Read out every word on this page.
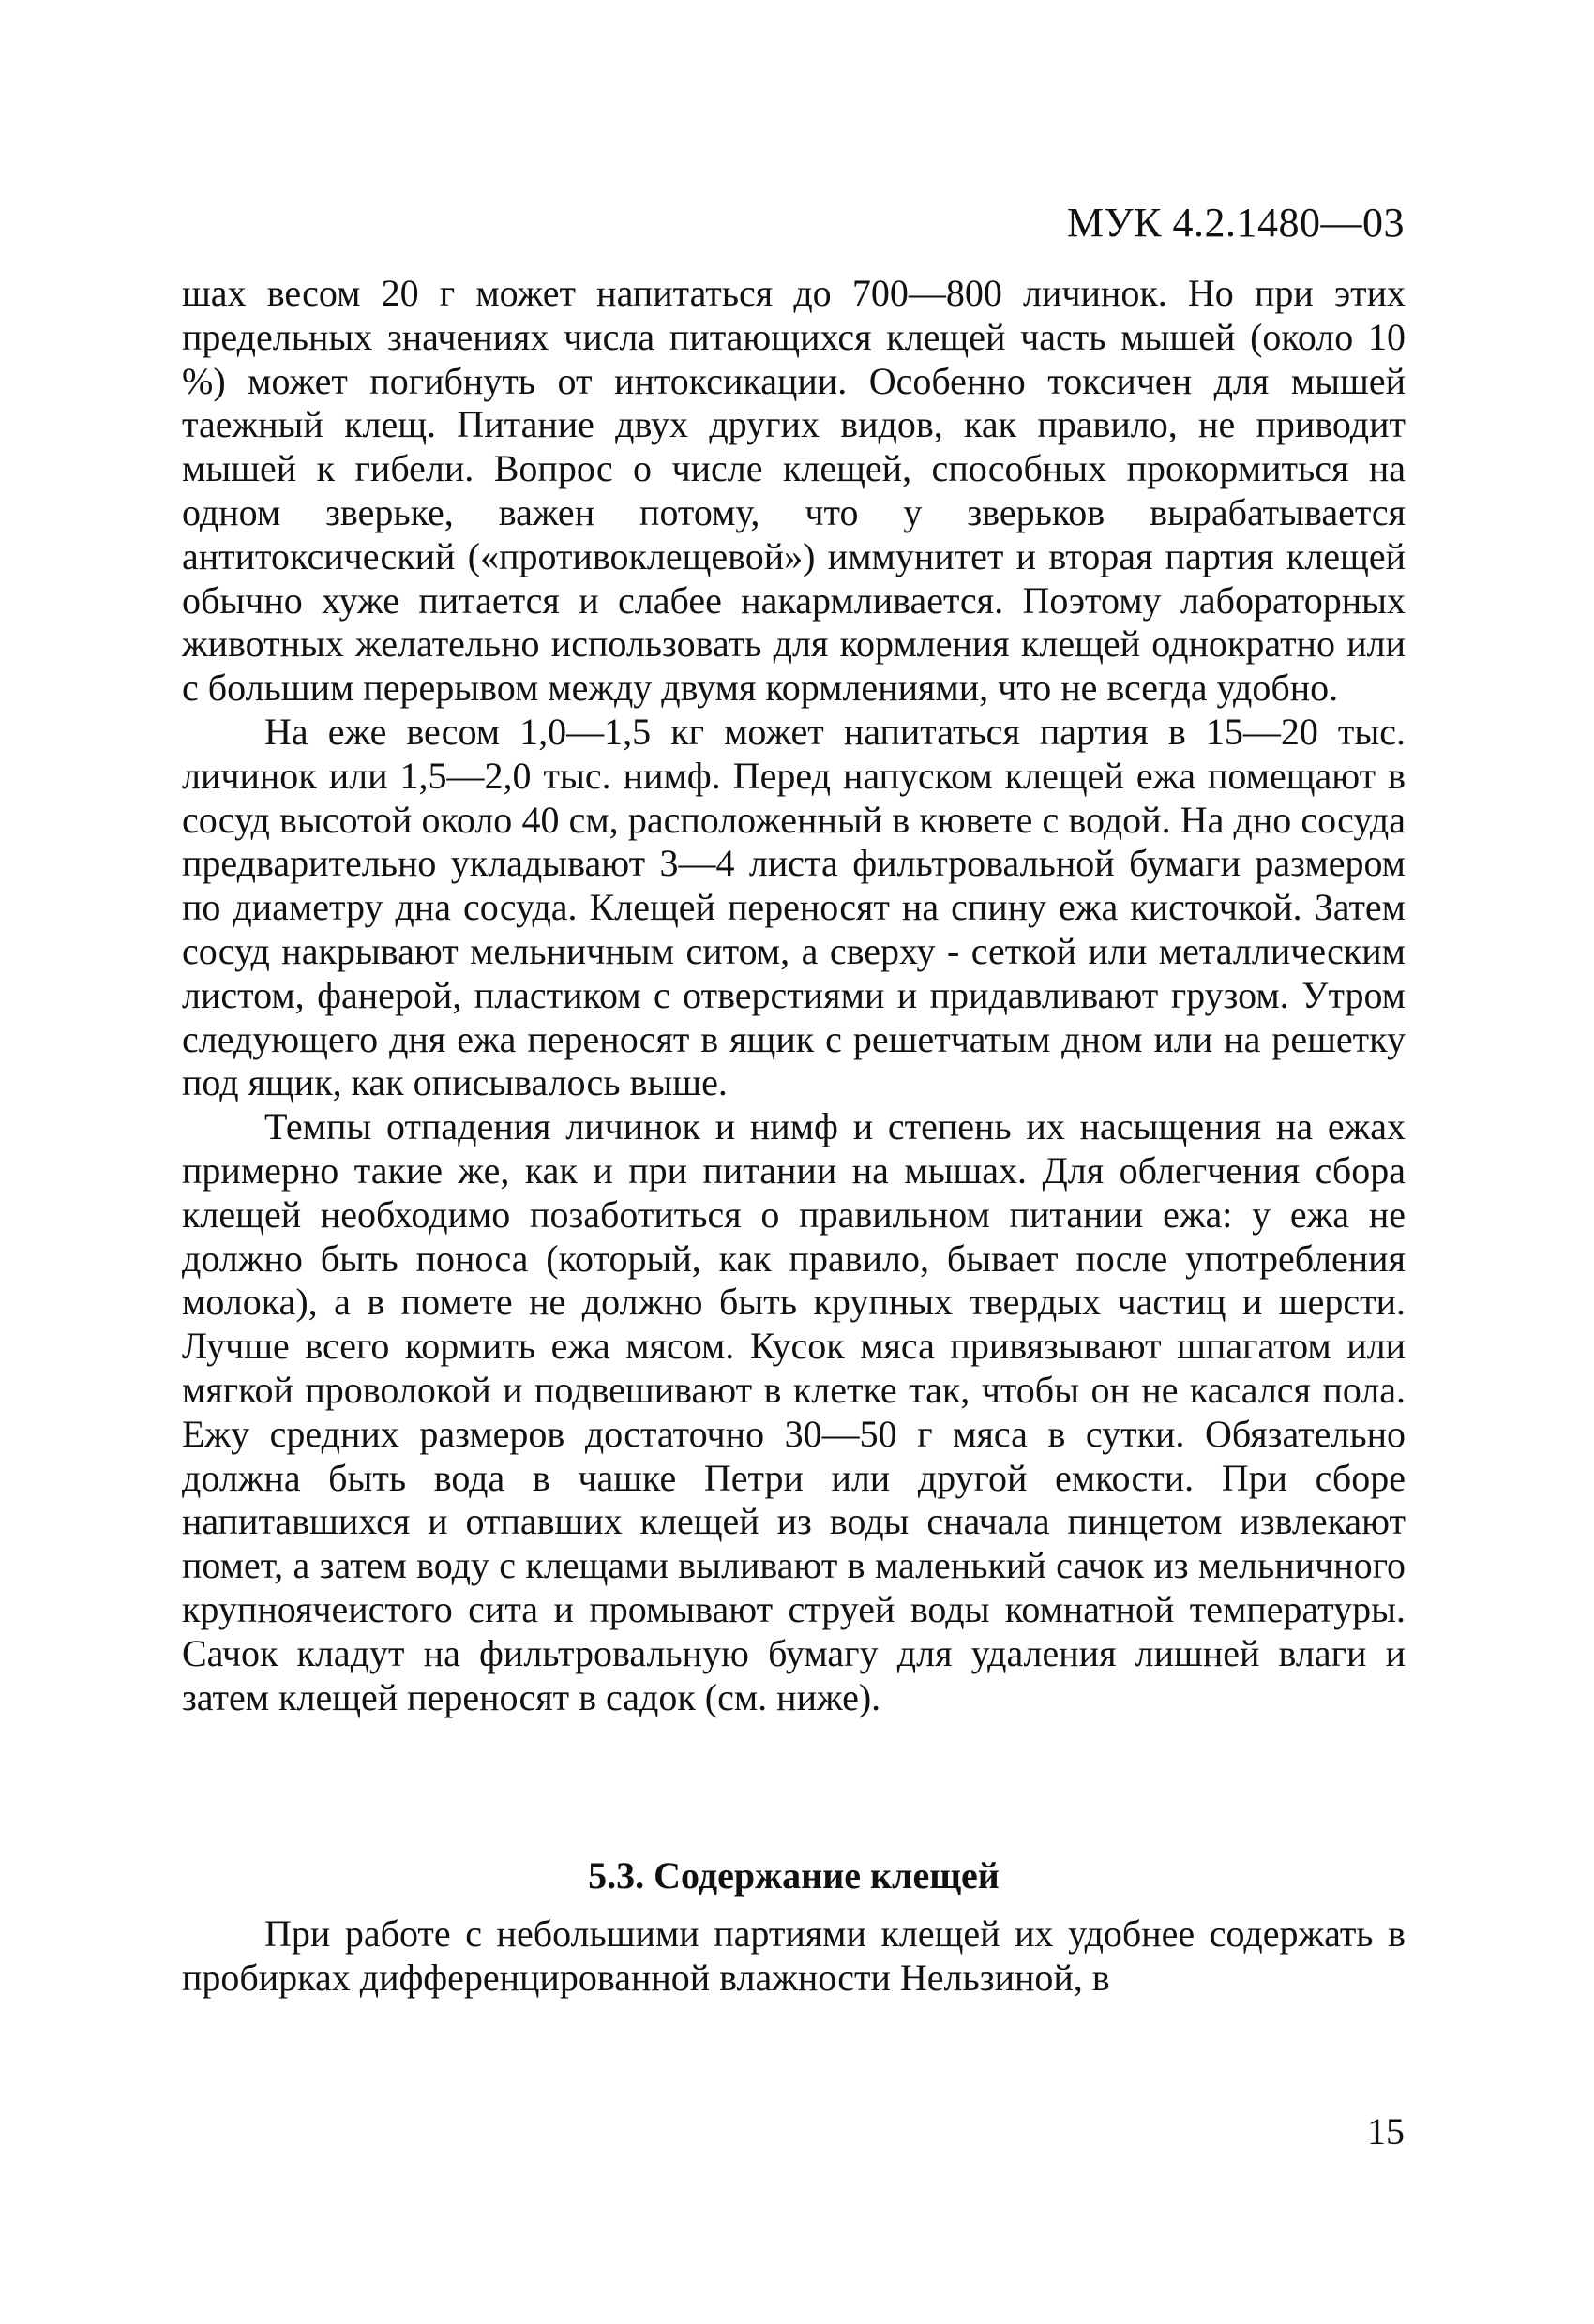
МУК 4.2.1480—03

шах весом 20 г может напитаться до 700—800 личинок. Но при этих предельных значениях числа питающихся клещей часть мышей (около 10 %) может погибнуть от интоксикации. Особенно токсичен для мышей таежный клещ. Питание двух других видов, как правило, не приводит мышей к гибели. Вопрос о числе клещей, способных прокормиться на одном зверьке, важен потому, что у зверьков вырабатывается антитоксический («противоклещевой») иммунитет и вторая партия клещей обычно хуже питается и слабее накармливается. Поэтому лабораторных животных желательно использовать для кормления клещей однократно или с большим перерывом между двумя кормлениями, что не всегда удобно.

На еже весом 1,0—1,5 кг может напитаться партия в 15—20 тыс. личинок или 1,5—2,0 тыс. нимф. Перед напуском клещей ежа помещают в сосуд высотой около 40 см, расположенный в кювете с водой. На дно сосуда предварительно укладывают 3—4 листа фильтровальной бумаги размером по диаметру дна сосуда. Клещей переносят на спину ежа кисточкой. Затем сосуд накрывают мельничным ситом, а сверху - сеткой или металлическим листом, фанерой, пластиком с отверстиями и придавливают грузом. Утром следующего дня ежа переносят в ящик с решетчатым дном или на решетку под ящик, как описывалось выше.

Темпы отпадения личинок и нимф и степень их насыщения на ежах примерно такие же, как и при питании на мышах. Для облегчения сбора клещей необходимо позаботиться о правильном питании ежа: у ежа не должно быть поноса (который, как правило, бывает после употребления молока), а в помете не должно быть крупных твердых частиц и шерсти. Лучше всего кормить ежа мясом. Кусок мяса привязывают шпагатом или мягкой проволокой и подвешивают в клетке так, чтобы он не касался пола. Ежу средних размеров достаточно 30—50 г мяса в сутки. Обязательно должна быть вода в чашке Петри или другой емкости. При сборе напитавшихся и отпавших клещей из воды сначала пинцетом извлекают помет, а затем воду с клещами выливают в маленький сачок из мельничного крупноячеистого сита и промывают струей воды комнатной температуры. Сачок кладут на фильтровальную бумагу для удаления лишней влаги и затем клещей переносят в садок (см. ниже).

5.3. Содержание клещей

При работе с небольшими партиями клещей их удобнее содержать в пробирках дифференцированной влажности Нельзиной, в

15
